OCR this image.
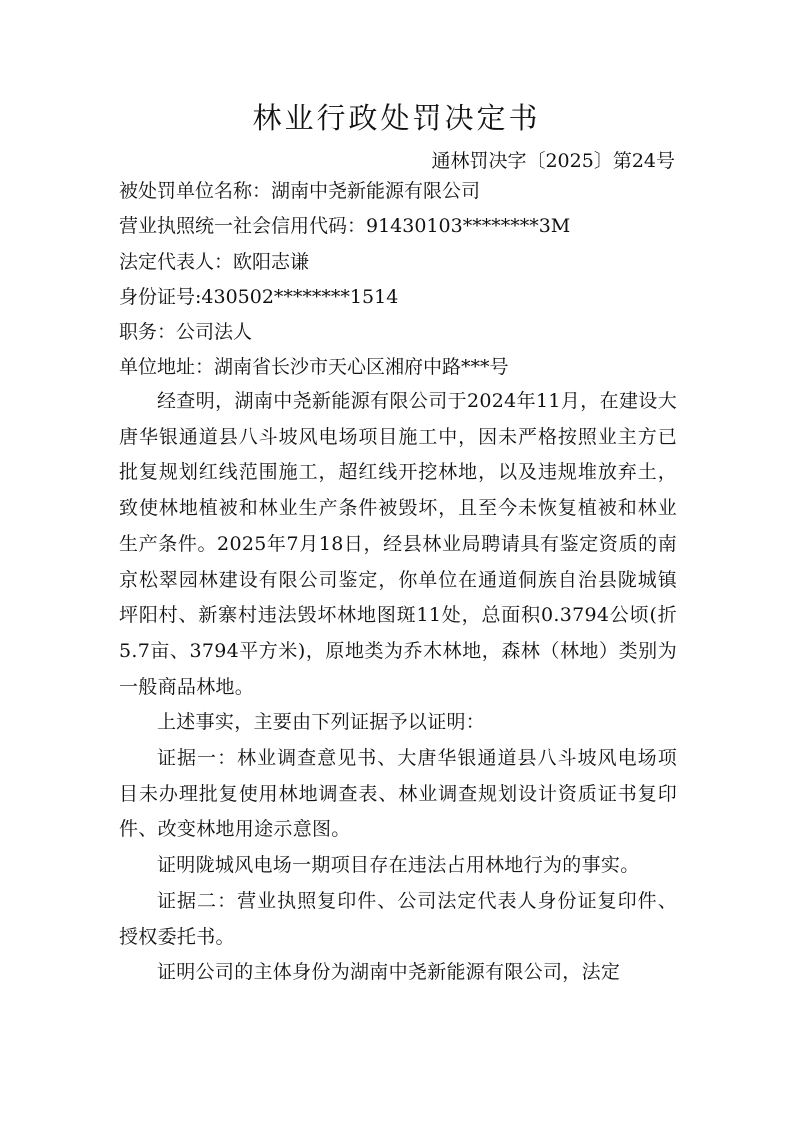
林业行政处罚决定书
通林罚决字〔2025〕第24号
被处罚单位名称：湖南中尧新能源有限公司
营业执照统一社会信用代码：91430103********3M
法定代表人：欧阳志谦
身份证号:430502********1514
职务：公司法人
单位地址：湖南省长沙市天心区湘府中路***号

经查明，湖南中尧新能源有限公司于2024年11月，在建设大唐华银通道县八斗坡风电场项目施工中，因未严格按照业主方已批复规划红线范围施工，超红线开挖林地，以及违规堆放弃土，致使林地植被和林业生产条件被毁坏，且至今未恢复植被和林业生产条件。2025年7月18日，经县林业局聘请具有鉴定资质的南京松翠园林建设有限公司鉴定，你单位在通道侗族自治县陇城镇坪阳村、新寨村违法毁坏林地图斑11处，总面积0.3794公顷(折5.7亩、3794平方米)，原地类为乔木林地，森林（林地）类别为一般商品林地。

上述事实，主要由下列证据予以证明：

证据一：林业调查意见书、大唐华银通道县八斗坡风电场项目未办理批复使用林地调查表、林业调查规划设计资质证书复印件、改变林地用途示意图。

证明陇城风电场一期项目存在违法占用林地行为的事实。

证据二：营业执照复印件、公司法定代表人身份证复印件、授权委托书。

证明公司的主体身份为湖南中尧新能源有限公司，法定
